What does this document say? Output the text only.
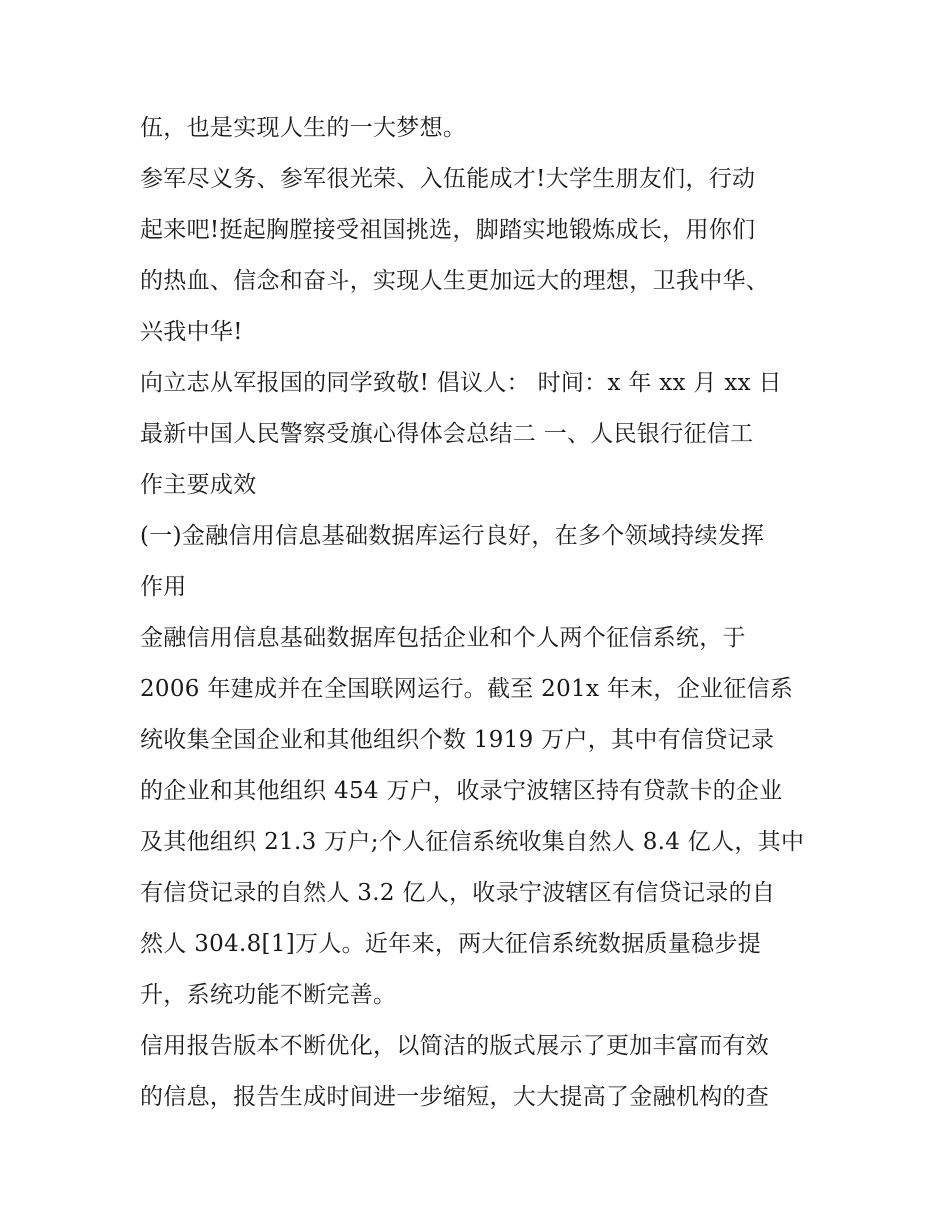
伍，也是实现人生的一大梦想。
参军尽义务、参军很光荣、入伍能成才!大学生朋友们，行动
起来吧!挺起胸膛接受祖国挑选，脚踏实地锻炼成长，用你们
的热血、信念和奋斗，实现人生更加远大的理想，卫我中华、
兴我中华!
向立志从军报国的同学致敬! 倡议人： 时间：x 年 xx 月 xx 日
最新中国人民警察受旗心得体会总结二 一、人民银行征信工
作主要成效
(一)金融信用信息基础数据库运行良好，在多个领域持续发挥
作用
金融信用信息基础数据库包括企业和个人两个征信系统，于
2006 年建成并在全国联网运行。截至 201x 年末，企业征信系
统收集全国企业和其他组织个数 1919 万户，其中有信贷记录
的企业和其他组织 454 万户，收录宁波辖区持有贷款卡的企业
及其他组织 21.3 万户;个人征信系统收集自然人 8.4 亿人，其中
有信贷记录的自然人 3.2 亿人，收录宁波辖区有信贷记录的自
然人 304.8[1]万人。近年来，两大征信系统数据质量稳步提
升，系统功能不断完善。
信用报告版本不断优化，以简洁的版式展示了更加丰富而有效
的信息，报告生成时间进一步缩短，大大提高了金融机构的查
